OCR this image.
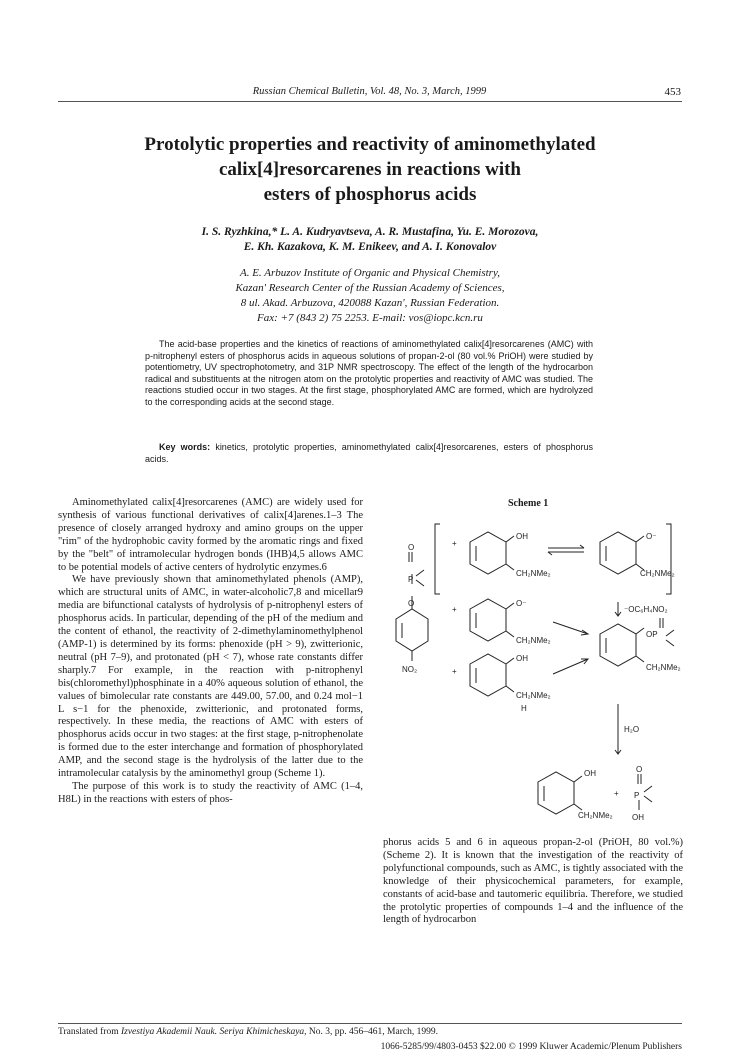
Russian Chemical Bulletin, Vol. 48, No. 3, March, 1999	453
Protolytic properties and reactivity of aminomethylated
calix[4]resorcarenes in reactions with
esters of phosphorus acids
I. S. Ryzhkina,* L. A. Kudryavtseva, A. R. Mustafina, Yu. E. Morozova,
E. Kh. Kazakova, K. M. Enikeev, and A. I. Konovalov
A. E. Arbuzov Institute of Organic and Physical Chemistry,
Kazan' Research Center of the Russian Academy of Sciences,
8 ul. Akad. Arbuzova, 420088 Kazan', Russian Federation.
Fax: +7 (843 2) 75 2253. E-mail: vos@iopc.kcn.ru
The acid-base properties and the kinetics of reactions of aminomethylated calix[4]resorcarenes (AMC) with p-nitrophenyl esters of phosphorus acids in aqueous solutions of propan-2-ol (80 vol.% PriOH) were studied by potentiometry, UV spectrophotometry, and 31P NMR spectroscopy. The effect of the length of the hydrocarbon radical and substituents at the nitrogen atom on the protolytic properties and reactivity of AMC was studied. The reactions studied occur in two stages. At the first stage, phosphorylated AMC are formed, which are hydrolyzed to the corresponding acids at the second stage.
Key words: kinetics, protolytic properties, aminomethylated calix[4]resorcarenes, esters of phosphorus acids.

Aminomethylated calix[4]resorcarenes (AMC) are widely used for synthesis of various functional derivatives of calix[4]arenes.1–3 The presence of closely arranged hydroxy and amino groups on the upper "rim" of the hydrophobic cavity formed by the aromatic rings and fixed by the "belt" of intramolecular hydrogen bonds (IHB)4,5 allows AMC to be potential models of active centers of hydrolytic enzymes.6

We have previously shown that aminomethylated phenols (AMP), which are structural units of AMC, in water-alcoholic7,8 and micellar9 media are bifunctional catalysts of hydrolysis of p-nitrophenyl esters of phosphorus acids. In particular, depending of the pH of the medium and the content of ethanol, the reactivity of 2-dimethylaminomethylphenol (AMP-1) is determined by its forms: phenoxide (pH > 9), zwitterionic, neutral (pH 7–9), and protonated (pH < 7), whose rate constants differ sharply.7 For example, in the reaction with p-nitrophenyl bis(chloromethyl)phosphinate in a 40% aqueous solution of ethanol, the values of bimolecular rate constants are 449.00, 57.00, and 0.24 mol−1 L s−1 for the phenoxide, zwitterionic, and protonated forms, respectively. In these media, the reactions of AMC with esters of phosphorus acids occur in two stages: at the first stage, p-nitrophenolate is formed due to the ester interchange and formation of phosphorylated AMP, and the second stage is the hydrolysis of the latter due to the intramolecular catalysis by the aminomethyl group (Scheme 1).

The purpose of this work is to study the reactivity of AMC (1–4, H8L) in the reactions with esters of phos-

Scheme 1
OH
CH₂NMe₂
O⁻
CH₂NMe₂
O⁻
CH₂NMe₂
OH
CH₂NMe₂
H
OP
CH₂NMe₂
OH
CH₂NMe₂ OH
O
P
O
NO₂
O
P
⁻OC₆H₄NO₂
H₂O
+
+
+
+

phorus acids 5 and 6 in aqueous propan-2-ol (PriOH, 80 vol.%) (Scheme 2). It is known that the investigation of the reactivity of polyfunctional compounds, such as AMC, is tightly associated with the knowledge of their physicochemical parameters, for example, constants of acid-base and tautomeric equilibria. Therefore, we studied the protolytic properties of compounds 1–4 and the influence of the length of hydrocarbon

Translated from Izvestiya Akademii Nauk. Seriya Khimicheskaya, No. 3, pp. 456–461, March, 1999.
1066-5285/99/4803-0453 $22.00 © 1999 Kluwer Academic/Plenum Publishers
